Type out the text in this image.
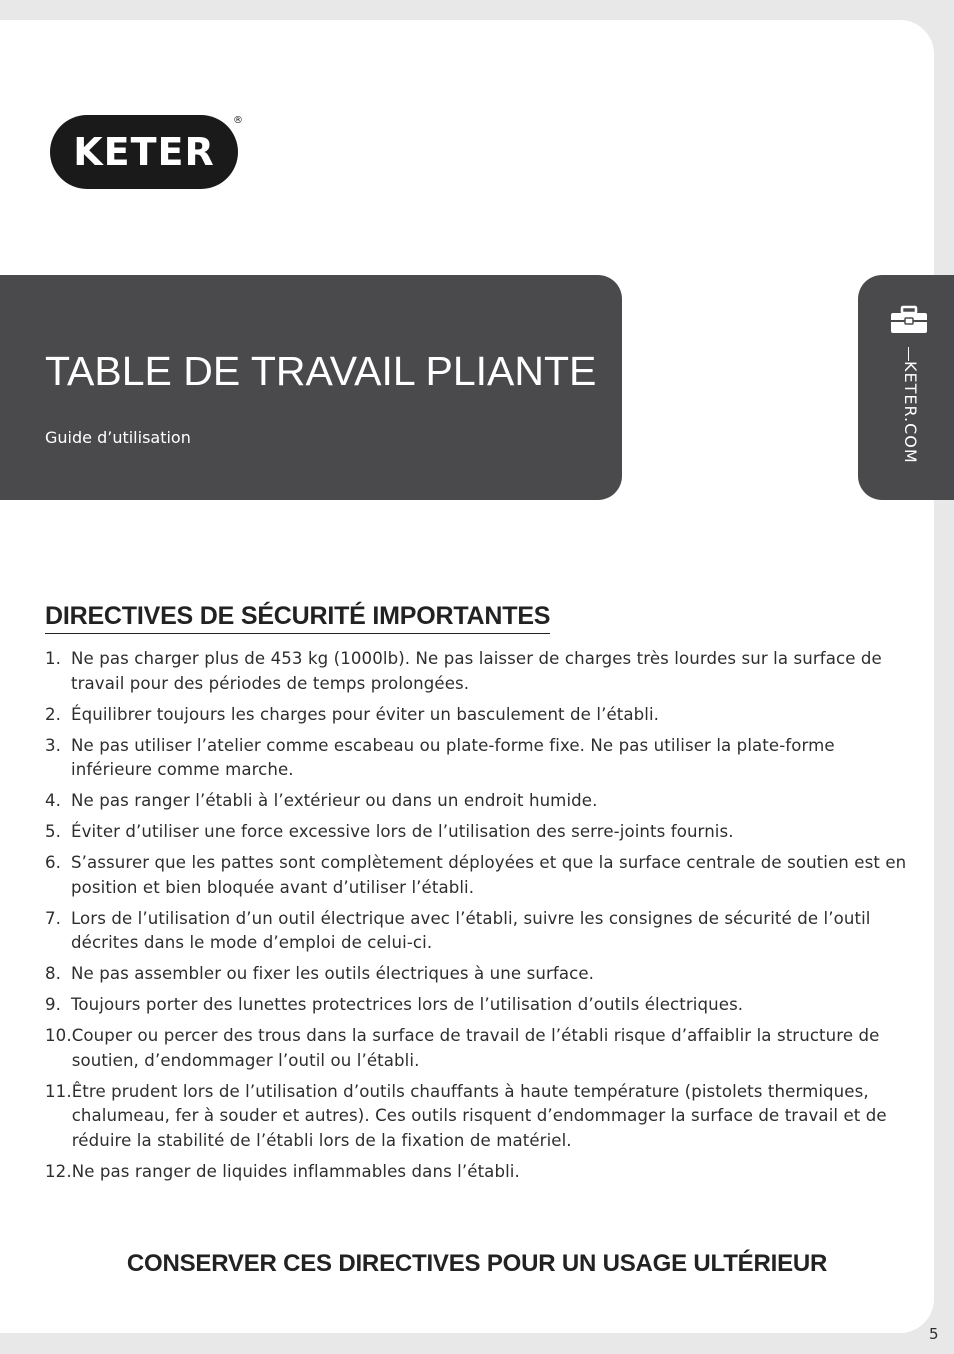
KETER
®
TABLE DE TRAVAIL PLIANTE
Guide d’utilisation	KETER.COM
DIRECTIVES DE SÉCURITÉ IMPORTANTES
1. Ne pas charger plus de 453 kg (1000lb). Ne pas laisser de charges très lourdes sur la surface de travail pour des périodes de temps prolongées.
2. Équilibrer toujours les charges pour éviter un basculement de l’établi.
3. Ne pas utiliser l’atelier comme escabeau ou plate-forme fixe. Ne pas utiliser la plate-forme inférieure comme marche.
4. Ne pas ranger l’établi à l’extérieur ou dans un endroit humide.
5. Éviter d’utiliser une force excessive lors de l’utilisation des serre-joints fournis.
6. S’assurer que les pattes sont complètement déployées et que la surface centrale de soutien est en position et bien bloquée avant d’utiliser l’établi.
7. Lors de l’utilisation d’un outil électrique avec l’établi, suivre les consignes de sécurité de l’outil décrites dans le mode d’emploi de celui-ci.
8. Ne pas assembler ou fixer les outils électriques à une surface.
9. Toujours porter des lunettes protectrices lors de l’utilisation d’outils électriques.
10. Couper ou percer des trous dans la surface de travail de l’établi risque d’affaiblir la structure de soutien, d’endommager l’outil ou l’établi.
11. Être prudent lors de l’utilisation d’outils chauffants à haute température (pistolets thermiques, chalumeau, fer à souder et autres). Ces outils risquent d’endommager la surface de travail et de réduire la stabilité de l’établi lors de la fixation de matériel.
12. Ne pas ranger de liquides inflammables dans l’établi.
CONSERVER CES DIRECTIVES POUR UN USAGE ULTÉRIEUR
5
